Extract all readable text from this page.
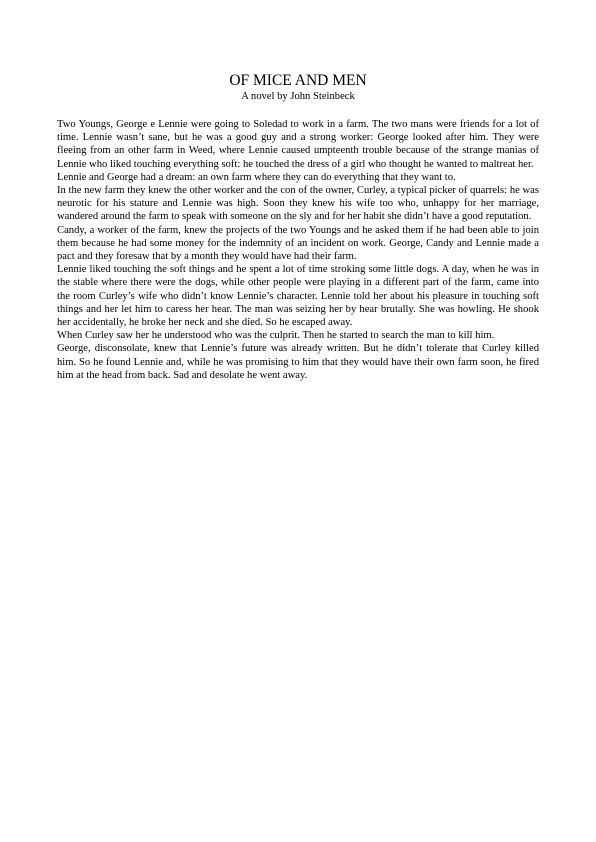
OF MICE AND MEN
A novel by John Steinbeck

Two Youngs, George e Lennie were going to Soledad to work in a farm. The two mans were friends for a lot of time. Lennie wasn’t sane, but he was a good guy and a strong worker: George looked after him. They were fleeing from an other farm in Weed, where Lennie caused umpteenth trouble because of the strange manias of Lennie who liked touching everything soft: he touched the dress of a girl who thought he wanted to maltreat her.

Lennie and George had a dream: an own farm where they can do everything that they want to.

In the new farm they knew the other worker and the con of the owner, Curley, a typical picker of quarrels: he was neurotic for his stature and Lennie was high. Soon they knew his wife too who, unhappy for her marriage, wandered around the farm to speak with someone on the sly and for her habit she didn’t have a good reputation.

Candy, a worker of the farm, knew the projects of the two Youngs and he asked them if he had been able to join them because he had some money for the indemnity of an incident on work. George, Candy and Lennie made a pact and they foresaw that by a month they would have had their farm.

Lennie liked touching the soft things and he spent a lot of time stroking some little dogs. A day, when he was in the stable where there were the dogs, while other people were playing in a different part of the farm, came into the room Curley’s wife who didn’t know Lennie’s character. Lennie told her about his pleasure in touching soft things and her let him to caress her hear. The man was seizing her by hear brutally. She was howling. He shook her accidentally, he broke her neck and she died. So he escaped away.

When Curley saw her he understood who was the culprit. Then he started to search the man to kill him.

George, disconsolate, knew that Lennie’s future was already written. But he didn’t tolerate that Curley killed him. So he found Lennie and, while he was promising to him that they would have their own farm soon, he fired him at the head from back. Sad and desolate he went away.
